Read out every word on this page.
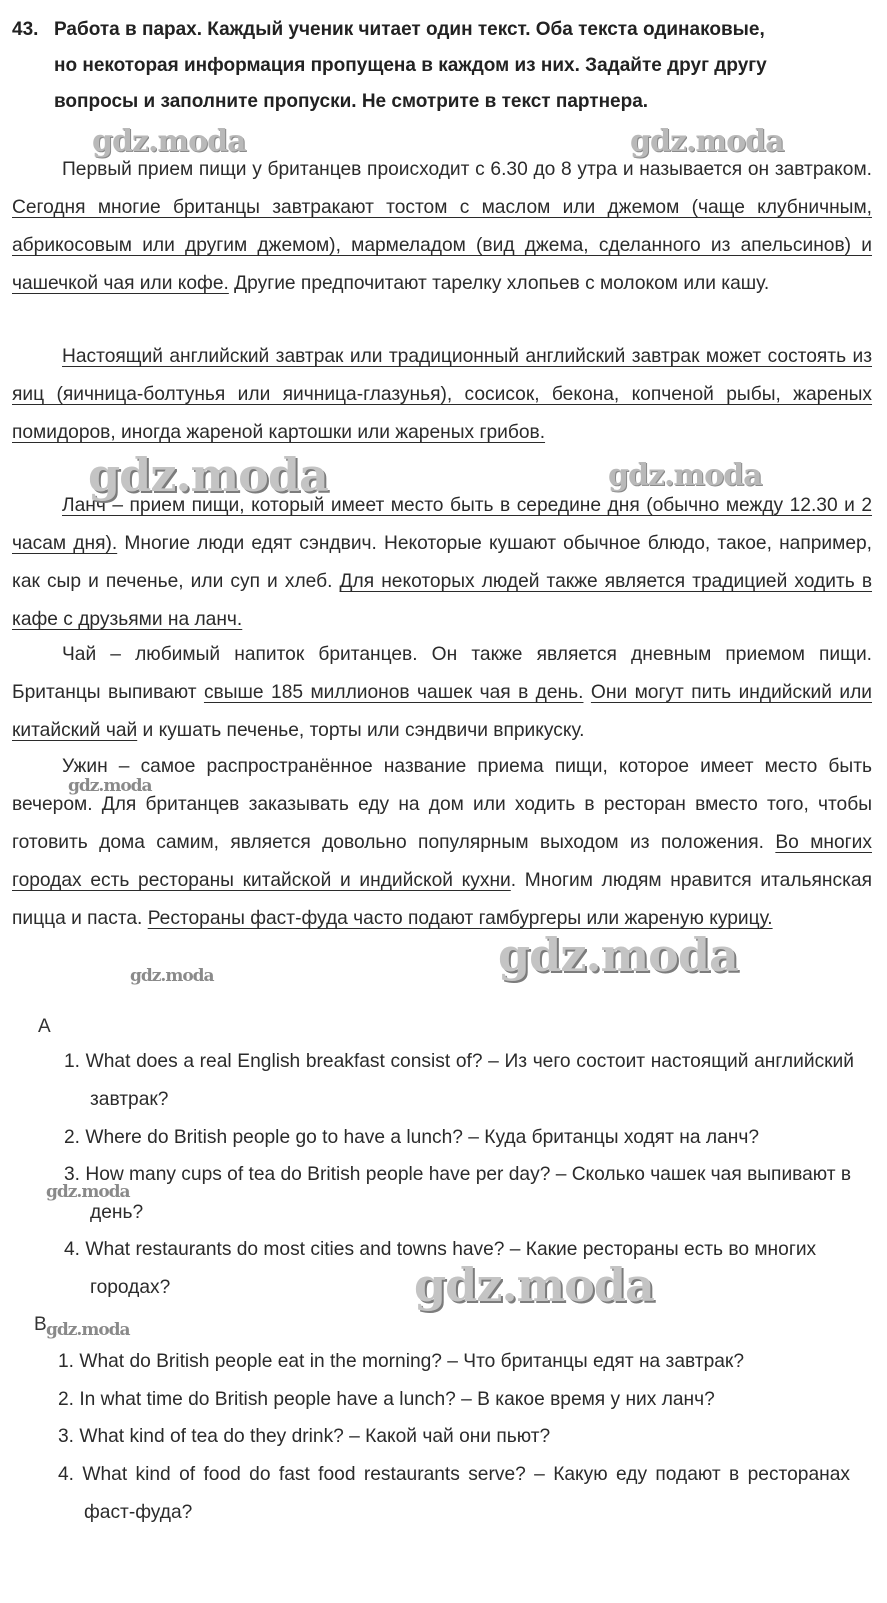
43. Работа в парах. Каждый ученик читает один текст. Оба текста одинаковые,
но некоторая информация пропущена в каждом из них. Задайте друг другу
вопросы и заполните пропуски. Не смотрите в текст партнера.
Первый прием пищи у британцев происходит с 6.30 до 8 утра и называется он завтраком. Сегодня многие британцы завтракают тостом с маслом или джемом (чаще клубничным, абрикосовым или другим джемом), мармеладом (вид джема, сделанного из апельсинов) и чашечкой чая или кофе. Другие предпочитают тарелку хлопьев с молоком или кашу.
Настоящий английский завтрак или традиционный английский завтрак может состоять из яиц (яичница-болтунья или яичница-глазунья), сосисок, бекона, копченой рыбы, жареных помидоров, иногда жареной картошки или жареных грибов.
Ланч – прием пищи, который имеет место быть в середине дня (обычно между 12.30 и 2 часам дня). Многие люди едят сэндвич. Некоторые кушают обычное блюдо, такое, например, как сыр и печенье, или суп и хлеб. Для некоторых людей также является традицией ходить в кафе с друзьями на ланч.
Чай – любимый напиток британцев. Он также является дневным приемом пищи. Британцы выпивают свыше 185 миллионов чашек чая в день. Они могут пить индийский или китайский чай и кушать печенье, торты или сэндвичи вприкуску.
Ужин – самое распространённое название приема пищи, которое имеет место быть вечером. Для британцев заказывать еду на дом или ходить в ресторан вместо того, чтобы готовить дома самим, является довольно популярным выходом из положения. Во многих городах есть рестораны китайской и индийской кухни. Многим людям нравится итальянская пицца и паста. Рестораны фаст-фуда часто подают гамбургеры или жареную курицу.
A
1. What does a real English breakfast consist of? – Из чего состоит настоящий английский завтрак?
2. Where do British people go to have a lunch? – Куда британцы ходят на ланч?
3. How many cups of tea do British people have per day? – Сколько чашек чая выпивают в день?
4. What restaurants do most cities and towns have? – Какие рестораны есть во многих городах?
B
1. What do British people eat in the morning? – Что британцы едят на завтрак?
2. In what time do British people have a lunch? – В какое время у них ланч?
3. What kind of tea do they drink? – Какой чай они пьют?
4. What kind of food do fast food restaurants serve? – Какую еду подают в ресторанах фаст-фуда?
gdz.moda	gdz.moda
gdz.moda	gdz.moda
gdz.moda
gdz.moda
gdz.moda
gdz.moda
gdz.moda
gdz.moda
